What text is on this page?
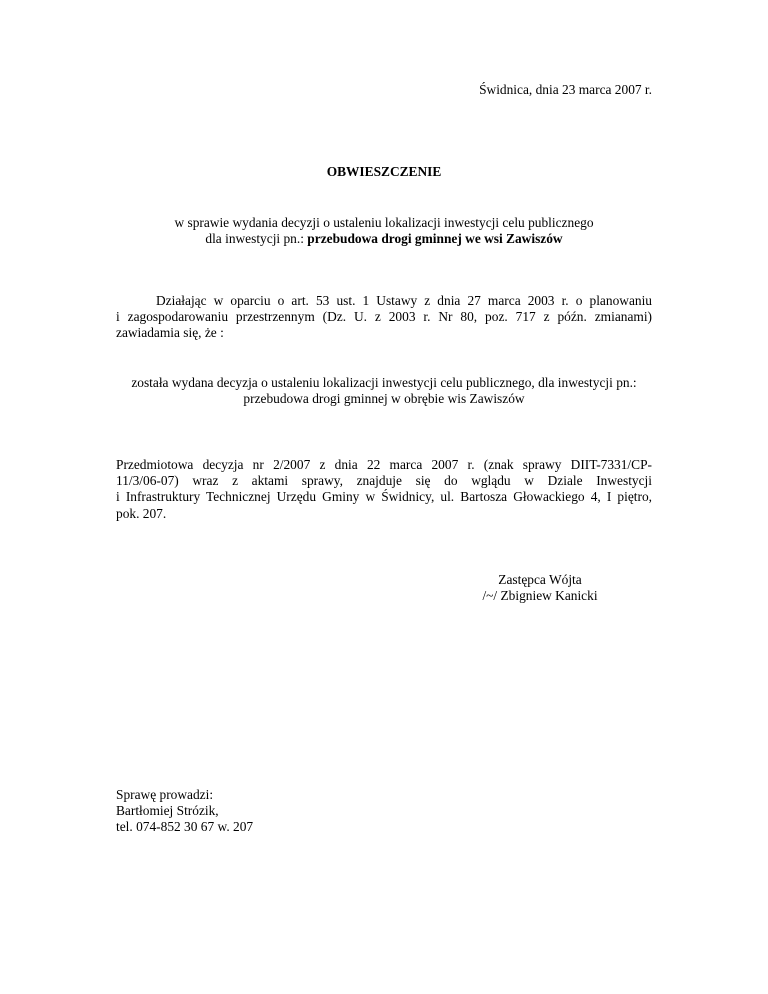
Świdnica, dnia 23 marca 2007 r.
OBWIESZCZENIE
w sprawie wydania decyzji o ustaleniu lokalizacji inwestycji celu publicznego
dla inwestycji pn.: przebudowa drogi gminnej we wsi Zawiszów
Działając w oparciu o art. 53 ust. 1 Ustawy z dnia 27 marca 2003 r. o planowaniu
i zagospodarowaniu przestrzennym (Dz. U. z 2003 r. Nr 80, poz. 717 z późn. zmianami)
zawiadamia się, że :
została wydana decyzja o ustaleniu lokalizacji inwestycji celu publicznego, dla inwestycji pn.:
przebudowa drogi gminnej w obrębie wis Zawiszów
Przedmiotowa decyzja nr 2/2007 z dnia 22 marca 2007 r. (znak sprawy DIIT-7331/CP-
11/3/06-07) wraz z aktami sprawy, znajduje się do wglądu w Dziale Inwestycji
i Infrastruktury Technicznej Urzędu Gminy w Świdnicy, ul. Bartosza Głowackiego 4, I piętro,
pok. 207.
Zastępca Wójta
/~/ Zbigniew Kanicki
Sprawę prowadzi:
Bartłomiej Strózik,
tel. 074-852 30 67 w. 207
